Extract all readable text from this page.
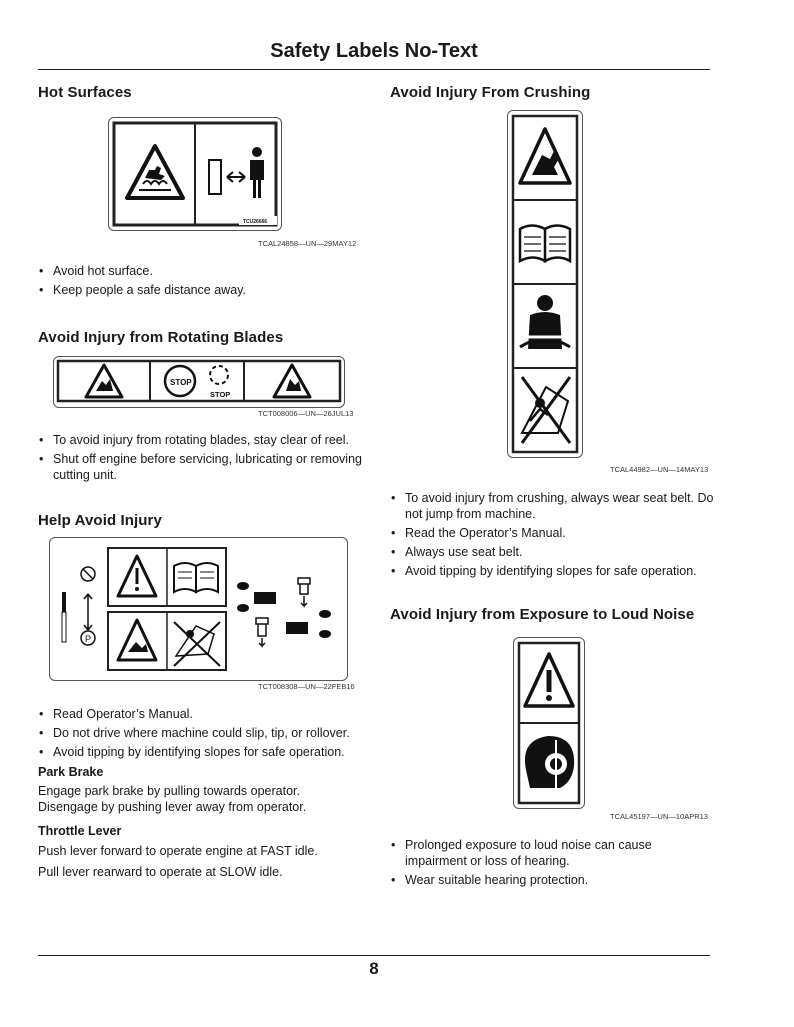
Safety Labels No-Text
Hot Surfaces
TCU26666
TCAL24858—UN—29MAY12
• Avoid hot surface.
• Keep people a safe distance away.
Avoid Injury from Rotating Blades
STOP
STOP
TCT008006—UN—26JUL13
• To avoid injury from rotating blades, stay clear of reel.
• Shut off engine before servicing, lubricating or removing cutting unit.
Help Avoid Injury
P
TCT008308—UN—22FEB16
• Read Operator’s Manual.
• Do not drive where machine could slip, tip, or rollover.
• Avoid tipping by identifying slopes for safe operation.
Park Brake

Engage park brake by pulling towards operator. Disengage by pushing lever away from operator.

Throttle Lever

Push lever forward to operate engine at FAST idle.

Pull lever rearward to operate at SLOW idle.

Avoid Injury From Crushing
TCAL44982—UN—14MAY13
• To avoid injury from crushing, always wear seat belt. Do not jump from machine.
• Read the Operator’s Manual.
• Always use seat belt.
• Avoid tipping by identifying slopes for safe operation.
Avoid Injury from Exposure to Loud Noise
TCAL45197—UN—10APR13
• Prolonged exposure to loud noise can cause impairment or loss of hearing.
• Wear suitable hearing protection.
8
